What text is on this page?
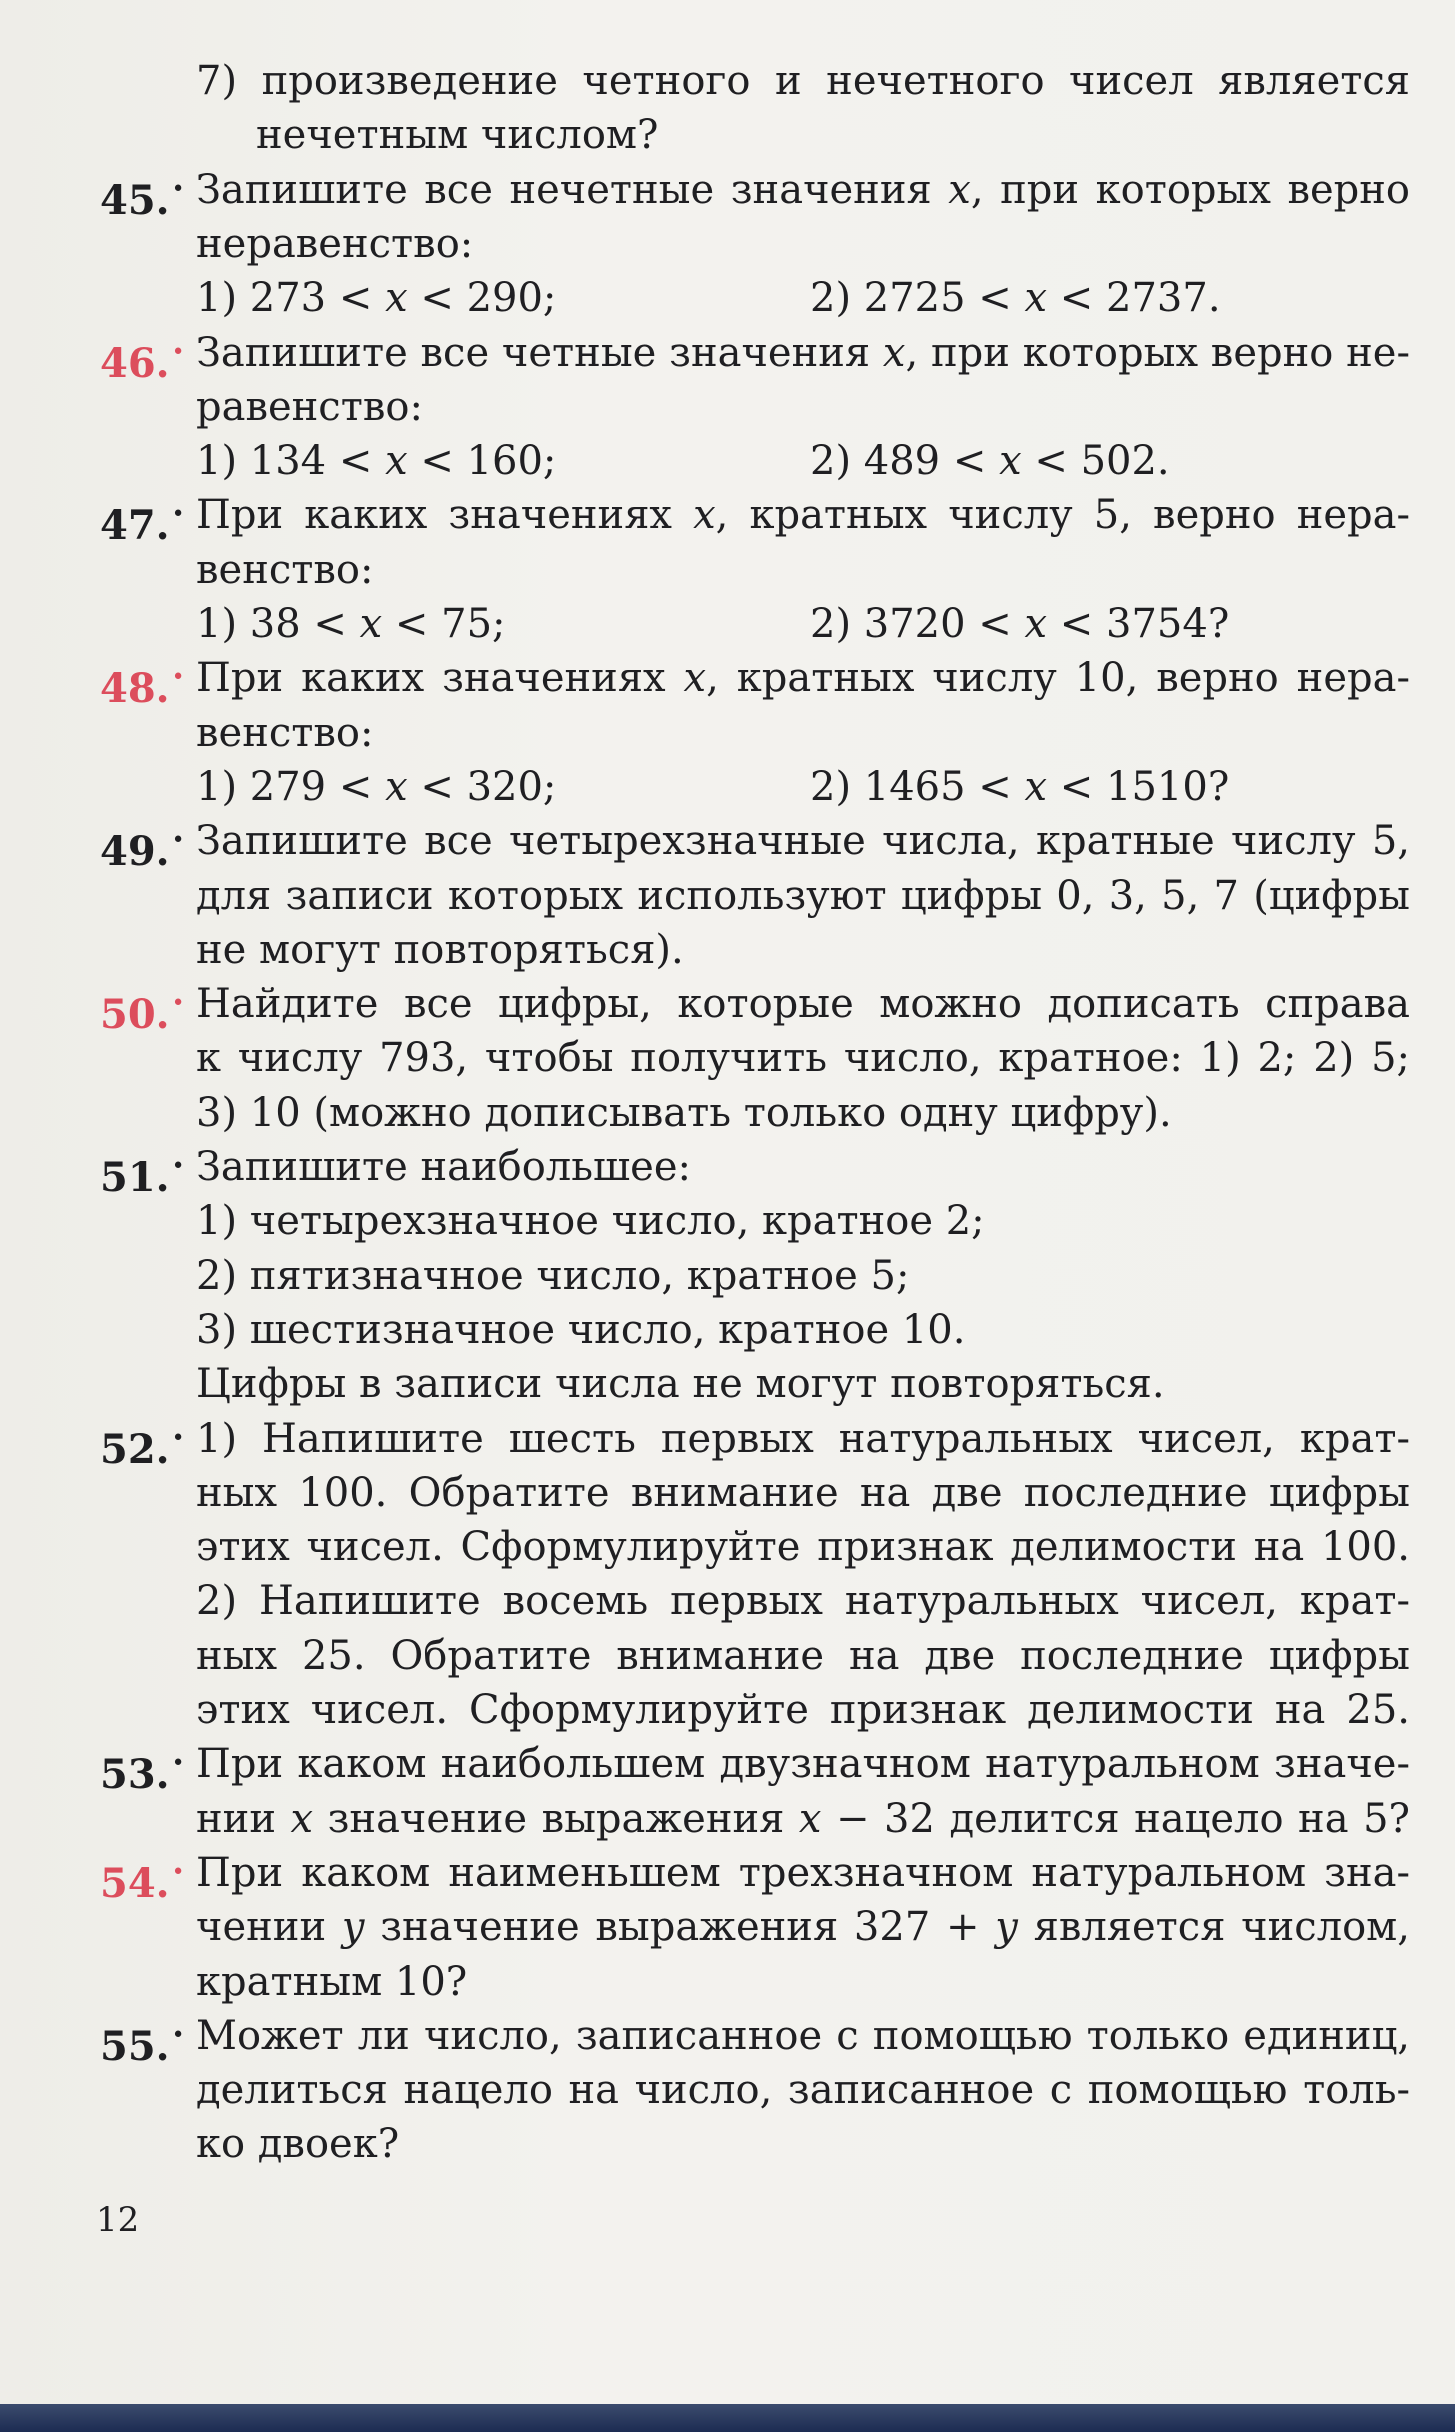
7) произведение четного и нечетного чисел является
нечетным числом?
45.• Запишите все нечетные значения x, при которых верно
неравенство:
1) 273 < x < 290;	2) 2725 < x < 2737.
46.• Запишите все четные значения x, при которых верно не-
равенство:
1) 134 < x < 160;	2) 489 < x < 502.
47.• При каких значениях x, кратных числу 5, верно нера-
венство:
1) 38 < x < 75;	2) 3720 < x < 3754?
48.• При каких значениях x, кратных числу 10, верно нера-
венство:
1) 279 < x < 320;	2) 1465 < x < 1510?
49.• Запишите все четырехзначные числа, кратные числу 5,
для записи которых используют цифры 0, 3, 5, 7 (цифры
не могут повторяться).
50.• Найдите все цифры, которые можно дописать справа
к числу 793, чтобы получить число, кратное: 1) 2; 2) 5;
3) 10 (можно дописывать только одну цифру).
51.• Запишите наибольшее:
1) четырехзначное число, кратное 2;
2) пятизначное число, кратное 5;
3) шестизначное число, кратное 10.
Цифры в записи числа не могут повторяться.
52.• 1) Напишите шесть первых натуральных чисел, крат-
ных 100. Обратите внимание на две последние цифры
этих чисел. Сформулируйте признак делимости на 100.
2) Напишите восемь первых натуральных чисел, крат-
ных 25. Обратите внимание на две последние цифры
этих чисел. Сформулируйте признак делимости на 25.
53.• При каком наибольшем двузначном натуральном значе-
нии x значение выражения x − 32 делится нацело на 5?
54.• При каком наименьшем трехзначном натуральном зна-
чении y значение выражения 327 + y является числом,
кратным 10?
55.• Может ли число, записанное с помощью только единиц,
делиться нацело на число, записанное с помощью толь-
ко двоек?
12
